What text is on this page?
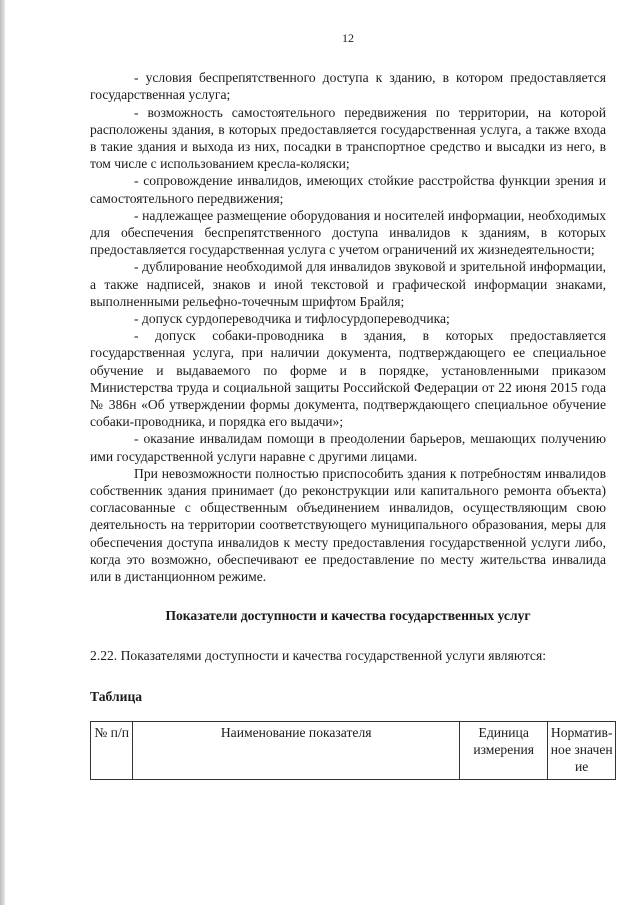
12

- условия беспрепятственного доступа к зданию, в котором предоставляется государственная услуга;

- возможность самостоятельного передвижения по территории, на которой расположены здания, в которых предоставляется государственная услуга, а также входа в такие здания и выхода из них, посадки в транспортное средство и высадки из него, в том числе с использованием кресла-коляски;

- сопровождение инвалидов, имеющих стойкие расстройства функции зрения и самостоятельного передвижения;

- надлежащее размещение оборудования и носителей информации, необходимых для обеспечения беспрепятственного доступа инвалидов к зданиям, в которых предоставляется государственная услуга с учетом ограничений их жизнедеятельности;

- дублирование необходимой для инвалидов звуковой и зрительной информации, а также надписей, знаков и иной текстовой и графической информации знаками, выполненными рельефно-точечным шрифтом Брайля;

- допуск сурдопереводчика и тифлосурдопереводчика;

- допуск собаки-проводника в здания, в которых предоставляется государственная услуга, при наличии документа, подтверждающего ее специальное обучение и выдаваемого по форме и в порядке, установленными приказом Министерства труда и социальной защиты Российской Федерации от 22 июня 2015 года № 386н «Об утверждении формы документа, подтверждающего специальное обучение собаки-проводника, и порядка его выдачи»;

- оказание инвалидам помощи в преодолении барьеров, мешающих получению ими государственной услуги наравне с другими лицами.

При невозможности полностью приспособить здания к потребностям инвалидов собственник здания принимает (до реконструкции или капитального ремонта объекта) согласованные с общественным объединением инвалидов, осуществляющим свою деятельность на территории соответствующего муниципального образования, меры для обеспечения доступа инвалидов к месту предоставления государственной услуги либо, когда это возможно, обеспечивают ее предоставление по месту жительства инвалида или в дистанционном режиме.

Показатели доступности и качества государственных услуг
2.22. Показателями доступности и качества государственной услуги являются:
Таблица
№ п/п	Наименование показателя	Единица измерения	Нормативное значение
